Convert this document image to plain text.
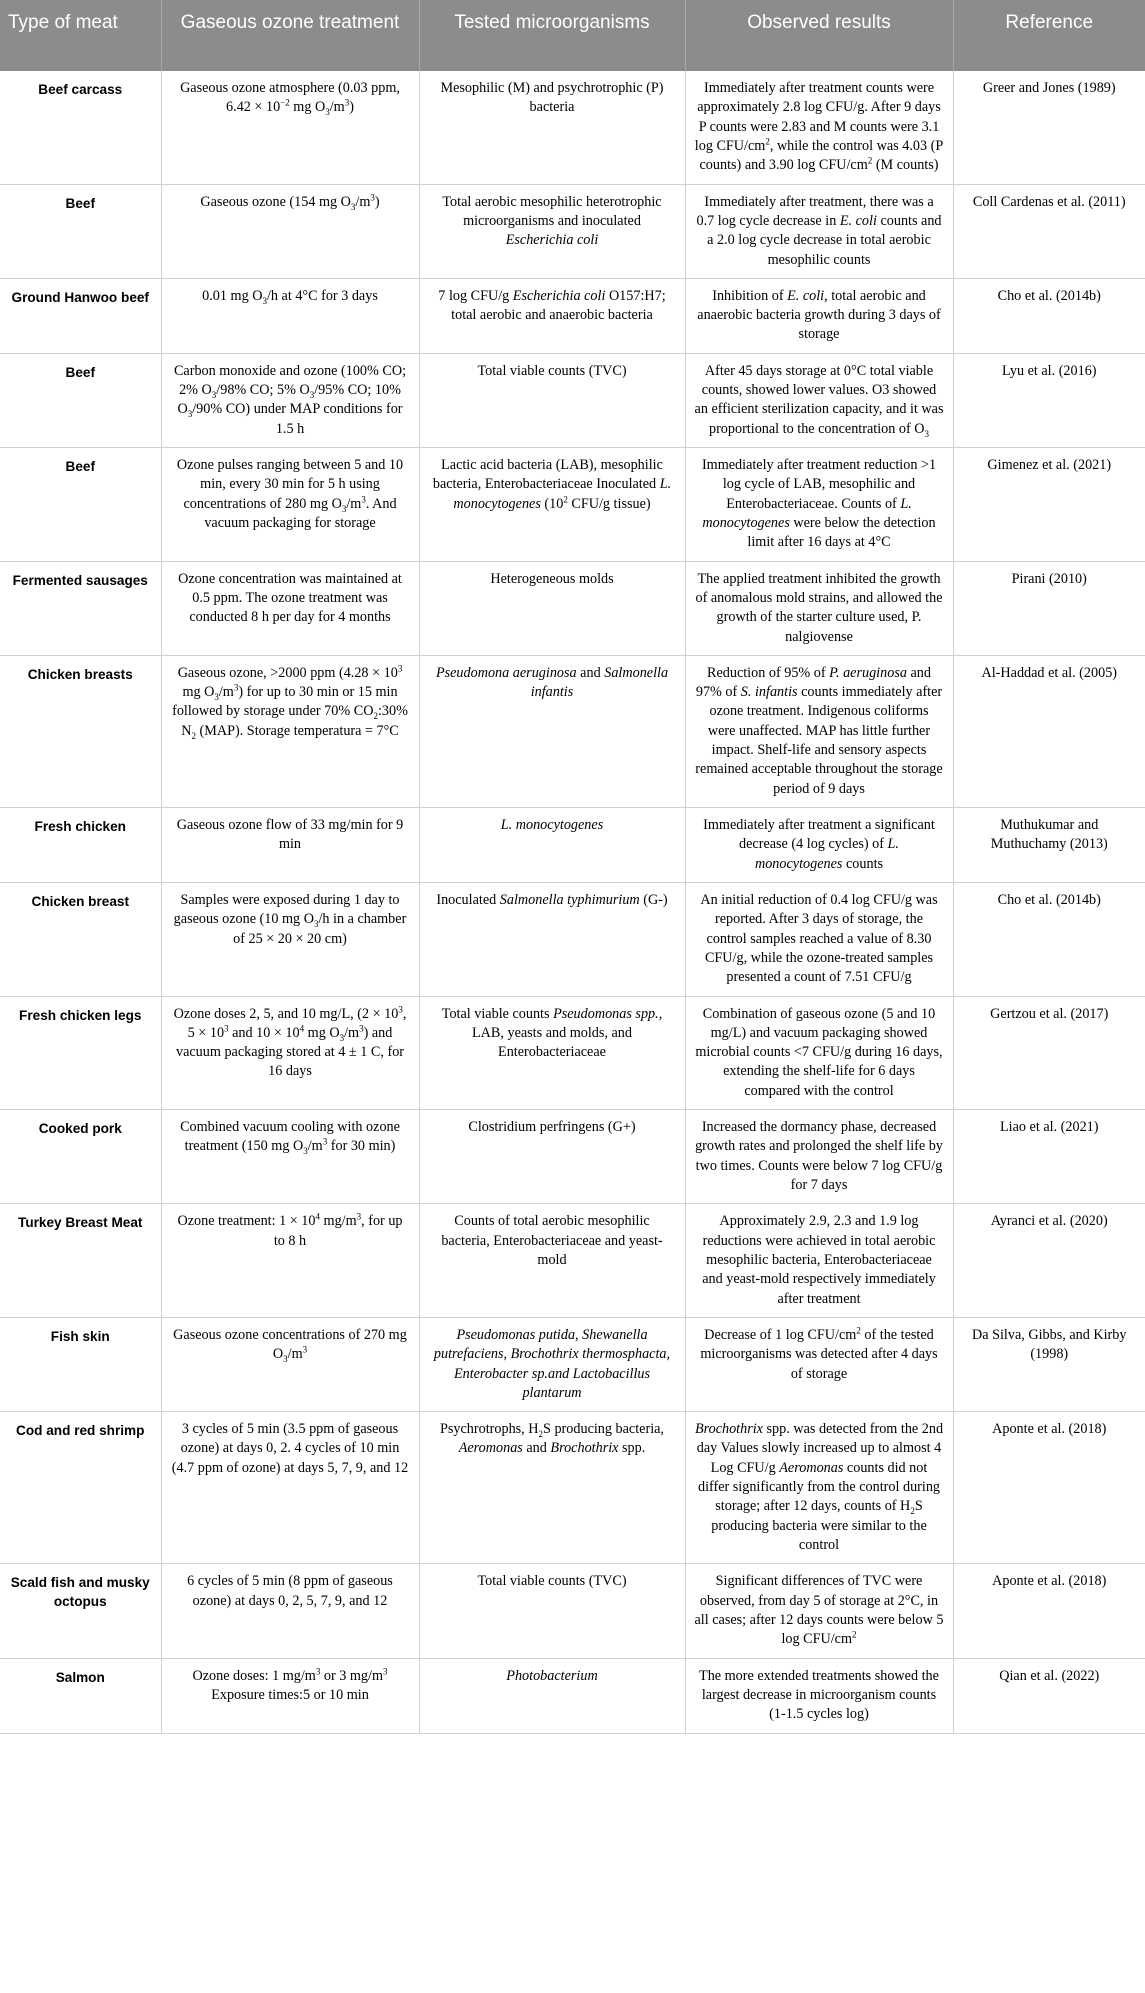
Type of meat	Gaseous ozone treatment	Tested microorganisms	Observed results	Reference
Beef carcass	Gaseous ozone atmosphere (0.03 ppm, $6.42 \times 10^{-2}$ mg $O_3/m^3$)	Mesophilic (M) and psychrotrophic (P) bacteria	Immediately after treatment counts were approximately 2.8 log CFU/g. After 9 days P counts were 2.83 and M counts were 3.1 log CFU/$cm^2$, while the control was 4.03 (P counts) and 3.90 log CFU/$cm^2$ (M counts)	Greer and Jones (1989)
Beef	Gaseous ozone (154 mg $O_3/m^3$)	Total aerobic mesophilic heterotrophic microorganisms and inoculated Escherichia coli	Immediately after treatment, there was a 0.7 log cycle decrease in E. coli counts and a 2.0 log cycle decrease in total aerobic mesophilic counts	Coll Cardenas et al. (2011)
Ground Hanwoo beef	0.01 mg $O_3/h$ at 4°C for 3 days	7 log CFU/g Escherichia coli O157:H7; total aerobic and anaerobic bacteria	Inhibition of E. coli, total aerobic and anaerobic bacteria growth during 3 days of storage	Cho et al. (2014b)
Beef	Carbon monoxide and ozone (100% CO; 2% $O_3/98\%$ CO; 5% $O_3/95\%$ CO; 10% $O_3/90\%$ CO) under MAP conditions for 1.5 h	Total viable counts (TVC)	After 45 days storage at 0°C total viable counts, showed lower values. O3 showed an efficient sterilization capacity, and it was proportional to the concentration of $O_3$	Lyu et al. (2016)
Beef	Ozone pulses ranging between 5 and 10 min, every 30 min for 5 h using concentrations of 280 mg $O_3/m^3$. And vacuum packaging for storage	Lactic acid bacteria (LAB), mesophilic bacteria, Enterobacteriaceae Inoculated L. monocytogenes ($10^2$ CFU/g tissue)	Immediately after treatment reduction >1 log cycle of LAB, mesophilic and Enterobacteriaceae. Counts of L. monocytogenes were below the detection limit after 16 days at 4°C	Gimenez et al. (2021)
Fermented sausages	Ozone concentration was maintained at 0.5 ppm. The ozone treatment was conducted 8 h per day for 4 months	Heterogeneous molds	The applied treatment inhibited the growth of anomalous mold strains, and allowed the growth of the starter culture used, P. nalgiovense	Pirani (2010)
Chicken breasts	Gaseous ozone, >2000 ppm ($4.28 \times 10^3$ mg $O_3/m^3$) for up to 30 min or 15 min followed by storage under 70% $CO_2:30\%$ $N_2$ (MAP). Storage temperatura = 7°C	Pseudomona aeruginosa and Salmonella infantis	Reduction of 95% of P. aeruginosa and 97% of S. infantis counts immediately after ozone treatment. Indigenous coliforms were unaffected. MAP has little further impact. Shelf-life and sensory aspects remained acceptable throughout the storage period of 9 days	Al-Haddad et al. (2005)
Fresh chicken	Gaseous ozone flow of 33 mg/min for 9 min	L. monocytogenes	Immediately after treatment a significant decrease (4 log cycles) of L. monocytogenes counts	Muthukumar and Muthuchamy (2013)
Chicken breast	Samples were exposed during 1 day to gaseous ozone (10 mg $O_3/h$ in a chamber of 25 × 20 × 20 cm)	Inoculated Salmonella typhimurium (G-)	An initial reduction of 0.4 log CFU/g was reported. After 3 days of storage, the control samples reached a value of 8.30 CFU/g, while the ozone-treated samples presented a count of 7.51 CFU/g	Cho et al. (2014b)
Fresh chicken legs	Ozone doses 2, 5, and 10 mg/L, ($2 \times 10^3$, $5 \times 10^3$ and $10 \times 10^4$ mg $O_3/m^3$) and vacuum packaging stored at 4 ± 1 C, for 16 days	Total viable counts Pseudomonas spp., LAB, yeasts and molds, and Enterobacteriaceae	Combination of gaseous ozone (5 and 10 mg/L) and vacuum packaging showed microbial counts <7 CFU/g during 16 days, extending the shelf-life for 6 days compared with the control	Gertzou et al. (2017)
Cooked pork	Combined vacuum cooling with ozone treatment (150 mg $O_3/m^3$ for 30 min)	Clostridium perfringens (G+)	Increased the dormancy phase, decreased growth rates and prolonged the shelf life by two times. Counts were below 7 log CFU/g for 7 days	Liao et al. (2021)
Turkey Breast Meat	Ozone treatment: $1 \times 10^4$ $mg/m^3$, for up to 8 h	Counts of total aerobic mesophilic bacteria, Enterobacteriaceae and yeast-mold	Approximately 2.9, 2.3 and 1.9 log reductions were achieved in total aerobic mesophilic bacteria, Enterobacteriaceae and yeast-mold respectively immediately after treatment	Ayranci et al. (2020)
Fish skin	Gaseous ozone concentrations of 270 mg $O_3/m^3$	Pseudomonas putida, Shewanella putrefaciens, Brochothrix thermosphacta, Enterobacter sp.and Lactobacillus plantarum	Decrease of 1 log CFU/$cm^2$ of the tested microorganisms was detected after 4 days of storage	Da Silva, Gibbs, and Kirby (1998)
Cod and red shrimp	3 cycles of 5 min (3.5 ppm of gaseous ozone) at days 0, 2. 4 cycles of 10 min (4.7 ppm of ozone) at days 5, 7, 9, and 12	Psychrotrophs, $H_2S$ producing bacteria, Aeromonas and Brochothrix spp.	Brochothrix spp. was detected from the 2nd day Values slowly increased up to almost 4 Log CFU/g Aeromonas counts did not differ significantly from the control during storage; after 12 days, counts of $H_2S$ producing bacteria were similar to the control	Aponte et al. (2018)
Scald fish and musky octopus	6 cycles of 5 min (8 ppm of gaseous ozone) at days 0, 2, 5, 7, 9, and 12	Total viable counts (TVC)	Significant differences of TVC were observed, from day 5 of storage at 2°C, in all cases; after 12 days counts were below 5 log CFU/$cm^2$	Aponte et al. (2018)
Salmon	Ozone doses: 1 $mg/m^3$ or 3 $mg/m^3$ Exposure times:5 or 10 min	Photobacterium	The more extended treatments showed the largest decrease in microorganism counts (1-1.5 cycles log)	Qian et al. (2022)
